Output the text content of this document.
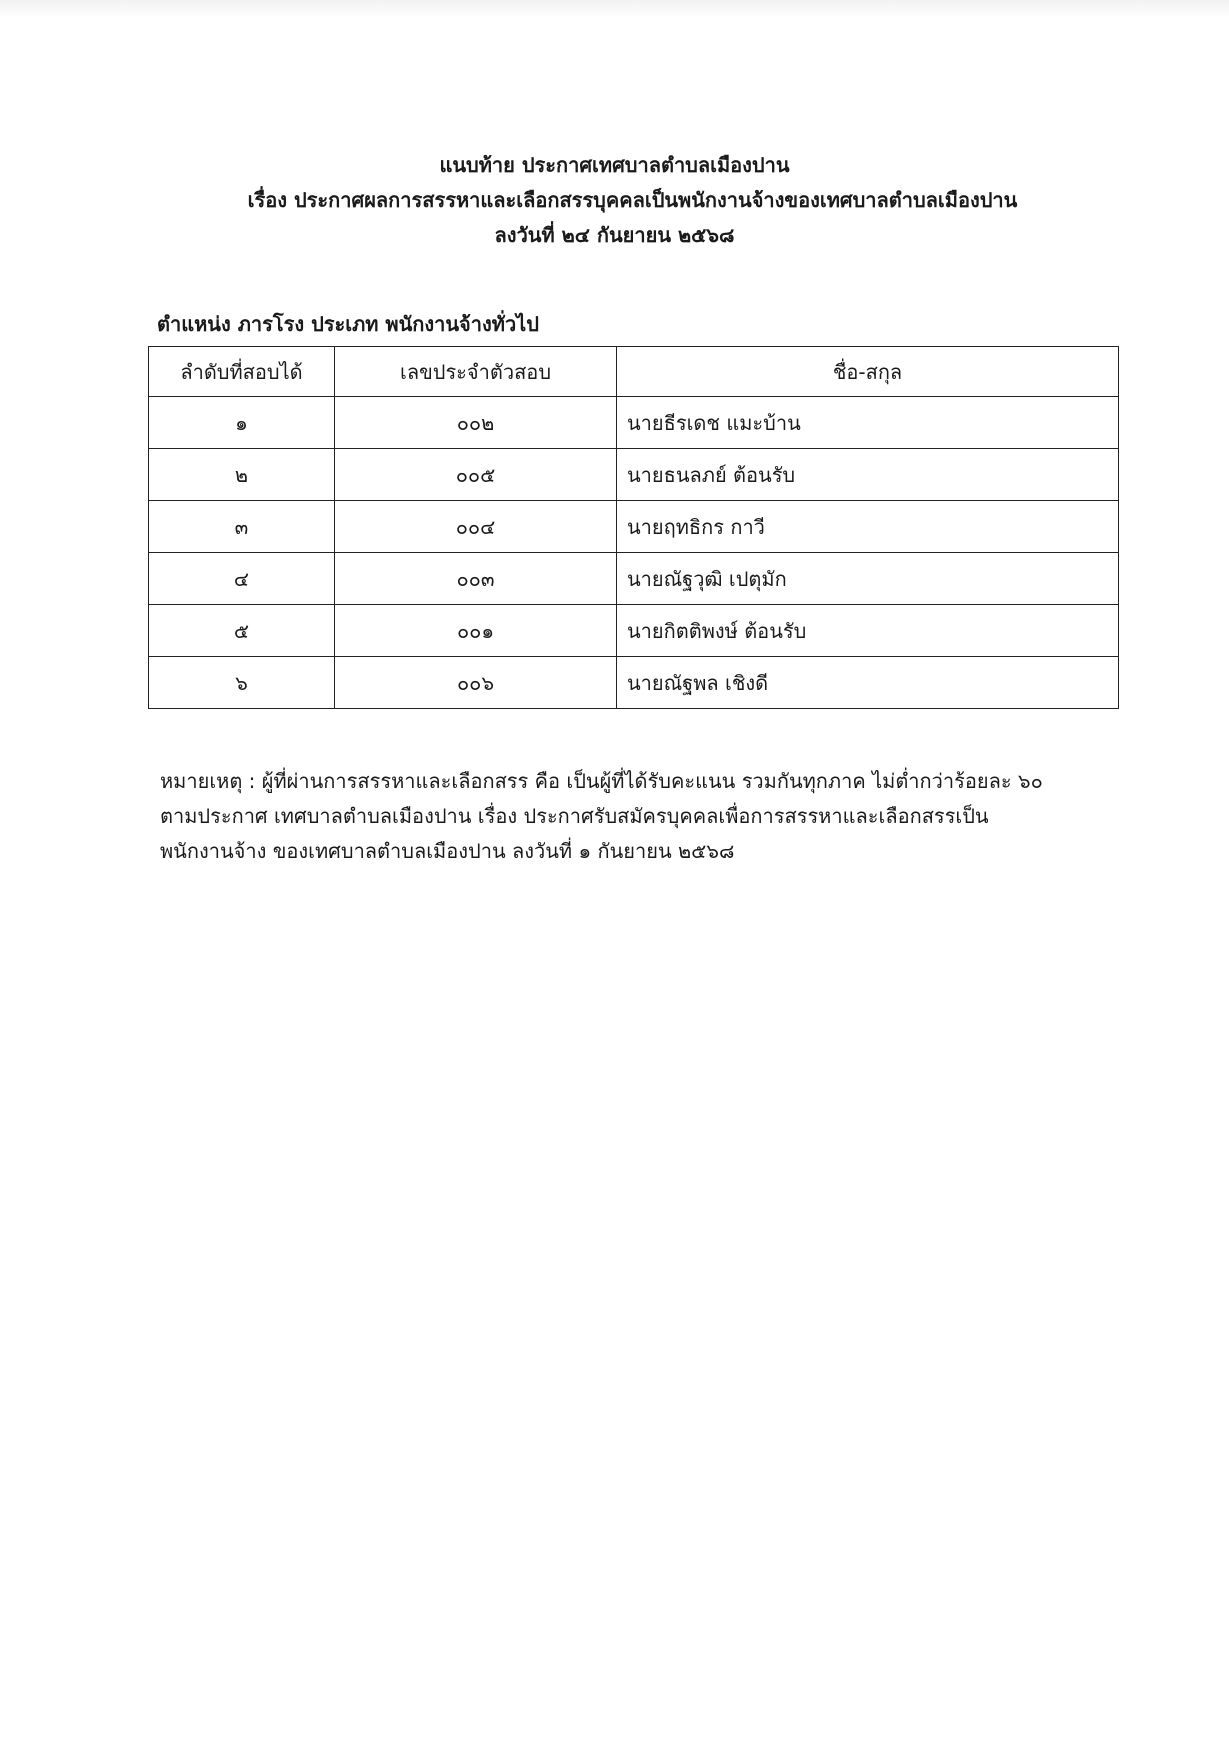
แนบท้าย ประกาศเทศบาลตำบลเมืองปาน
เรื่อง ประกาศผลการสรรหาและเลือกสรรบุคคลเป็นพนักงานจ้างของเทศบาลตำบลเมืองปาน
ลงวันที่ ๒๔ กันยายน ๒๕๖๘
ตำแหน่ง ภารโรง ประเภท พนักงานจ้างทั่วไป
ลำดับที่สอบได้	เลขประจำตัวสอบ	ชื่อ-สกุล
๑	๐๐๒	นายธีรเดช แมะบ้าน
๒	๐๐๕	นายธนลภย์ ต้อนรับ
๓	๐๐๔	นายฤทธิกร กาวี
๔	๐๐๓	นายณัฐวุฒิ เปตุมัก
๕	๐๐๑	นายกิตติพงษ์ ต้อนรับ
๖	๐๐๖	นายณัฐพล เชิงดี
หมายเหตุ : ผู้ที่ผ่านการสรรหาและเลือกสรร คือ เป็นผู้ที่ได้รับคะแนน รวมกันทุกภาค ไม่ต่ำกว่าร้อยละ ๖๐
ตามประกาศ เทศบาลตำบลเมืองปาน เรื่อง ประกาศรับสมัครบุคคลเพื่อการสรรหาและเลือกสรรเป็น
พนักงานจ้าง ของเทศบาลตำบลเมืองปาน ลงวันที่ ๑ กันยายน ๒๕๖๘
